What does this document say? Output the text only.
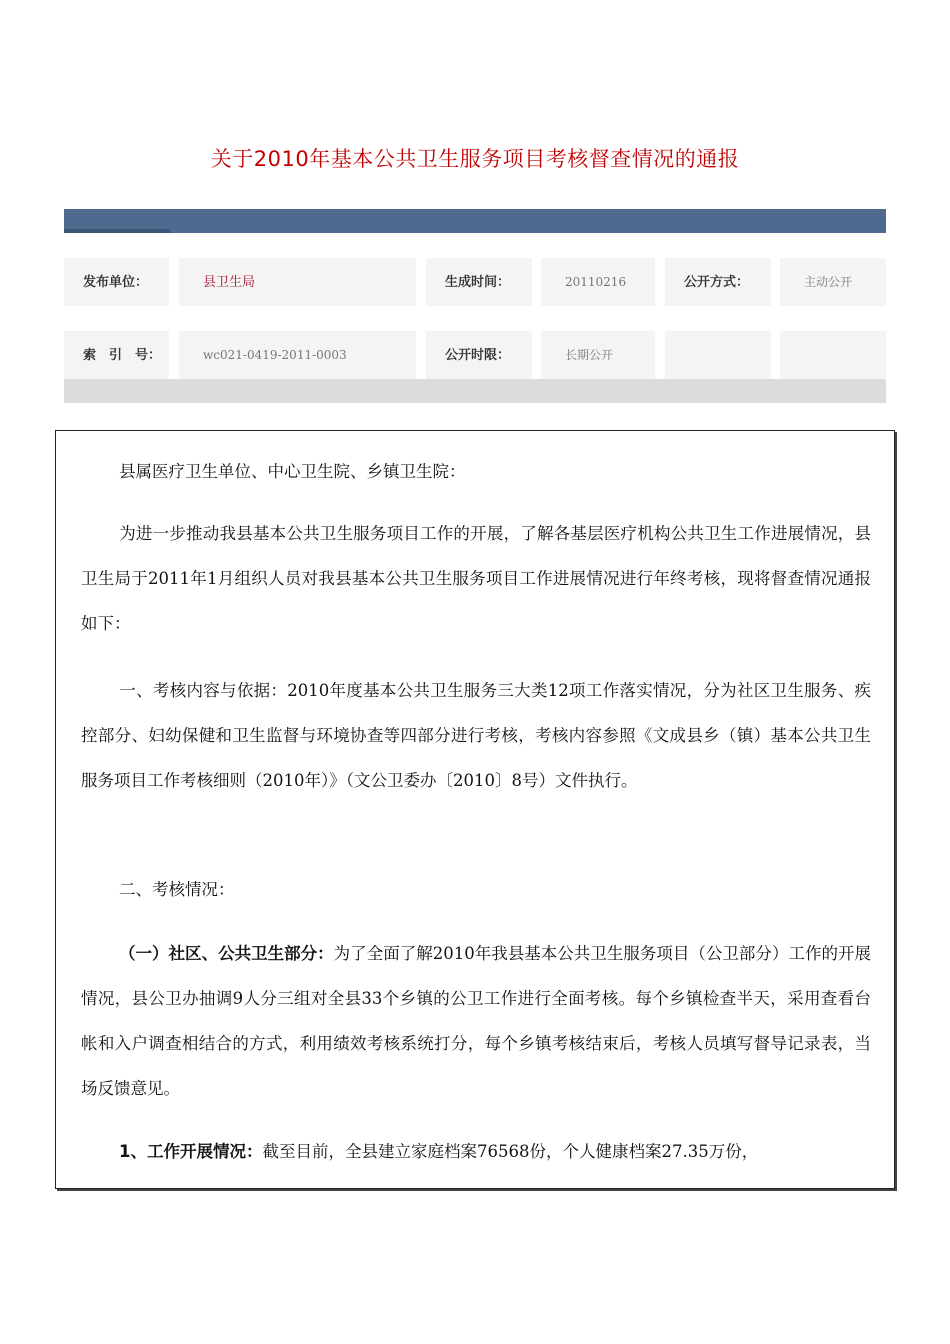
关于2010年基本公共卫生服务项目考核督查情况的通报
发布单位：	县卫生局	生成时间：	20110216	公开方式：	主动公开
索　引　号：	wc021-0419-2011-0003	公开时限：	长期公开

县属医疗卫生单位、中心卫生院、乡镇卫生院：

为进一步推动我县基本公共卫生服务项目工作的开展，了解各基层医疗机构公共卫生工作进展情况，县卫生局于2011年1月组织人员对我县基本公共卫生服务项目工作进展情况进行年终考核，现将督查情况通报如下：

一、考核内容与依据：2010年度基本公共卫生服务三大类12项工作落实情况，分为社区卫生服务、疾控部分、妇幼保健和卫生监督与环境协查等四部分进行考核，考核内容参照《文成县乡（镇）基本公共卫生服务项目工作考核细则（2010年）》（文公卫委办〔2010〕8号）文件执行。

二、考核情况：

（一）社区、公共卫生部分：为了全面了解2010年我县基本公共卫生服务项目（公卫部分）工作的开展情况，县公卫办抽调9人分三组对全县33个乡镇的公卫工作进行全面考核。每个乡镇检查半天，采用查看台帐和入户调查相结合的方式，利用绩效考核系统打分，每个乡镇考核结束后，考核人员填写督导记录表，当场反馈意见。

1、工作开展情况：截至目前，全县建立家庭档案76568份，个人健康档案27.35万份，
